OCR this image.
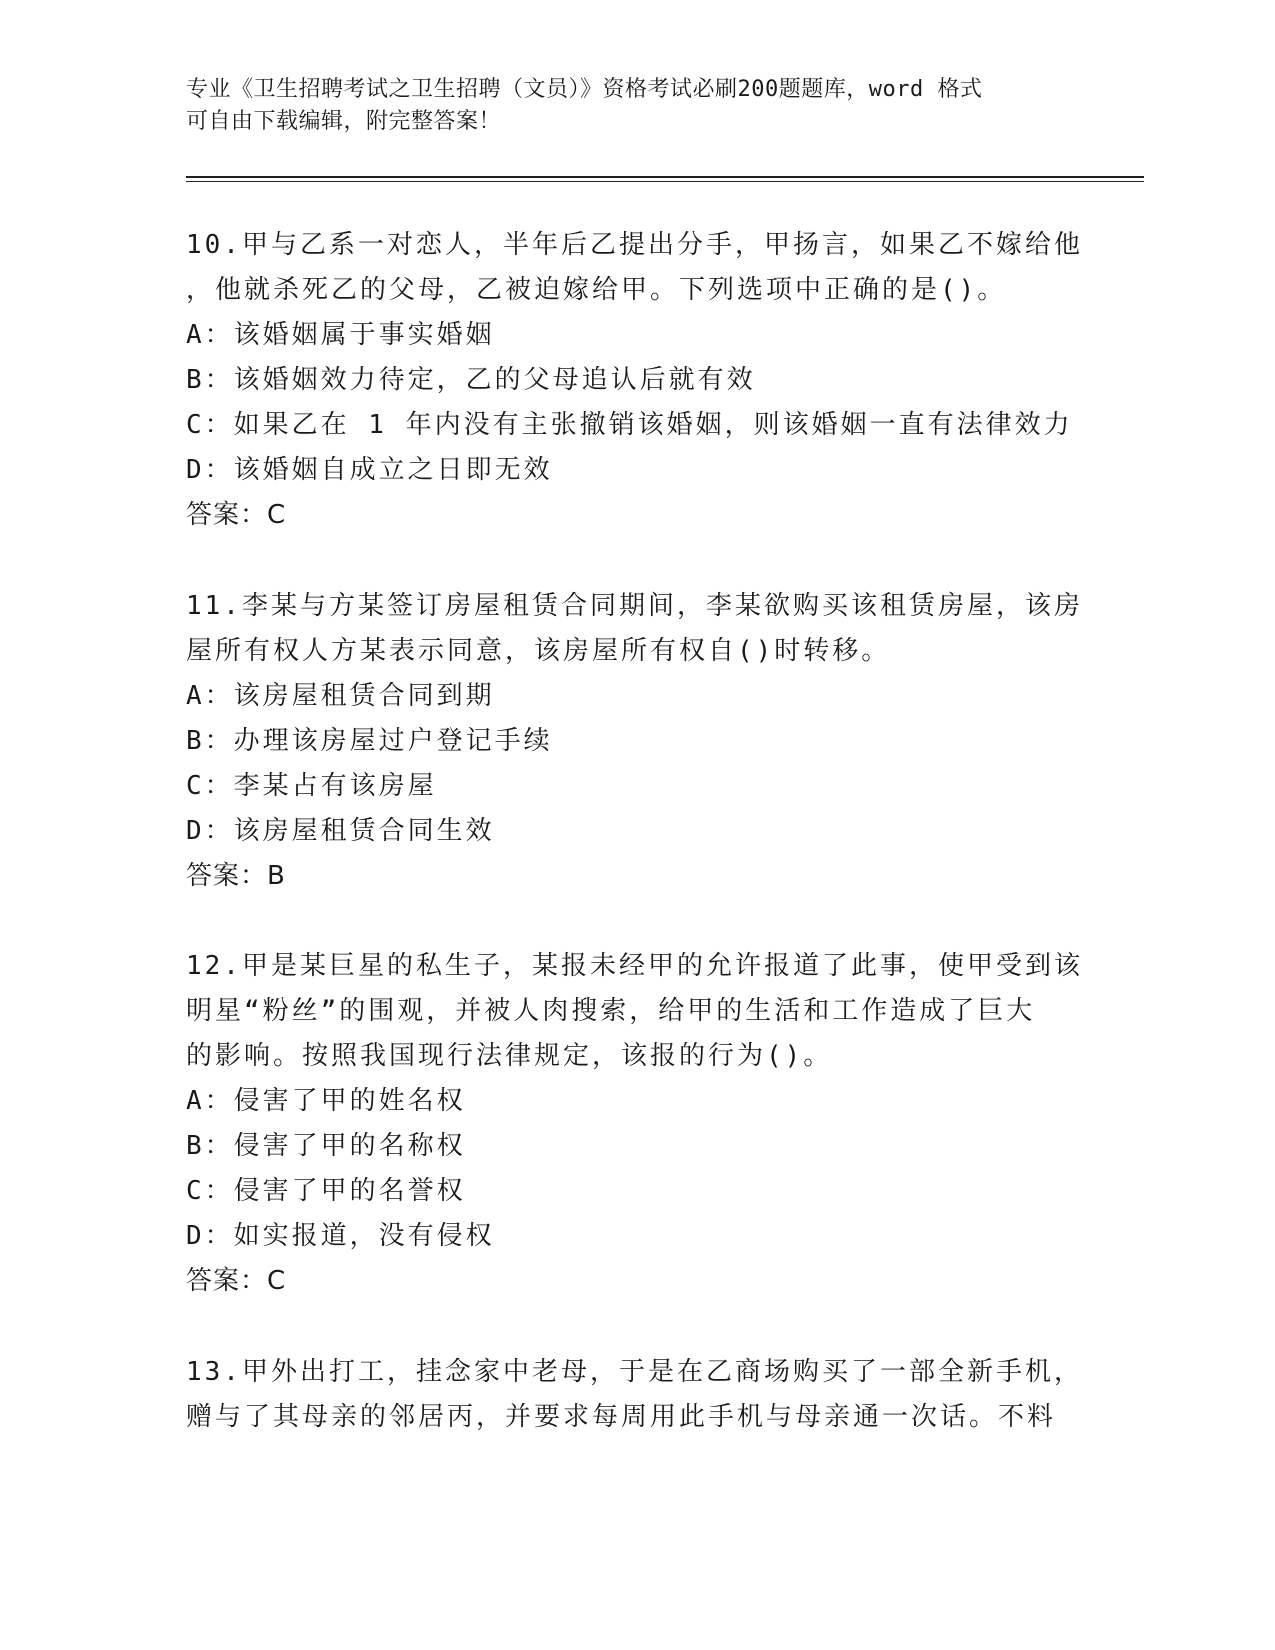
专业《卫生招聘考试之卫生招聘（文员）》资格考试必刷200题题库，word 格式
可自由下载编辑，附完整答案！
10.甲与乙系一对恋人，半年后乙提出分手，甲扬言，如果乙不嫁给他
，他就杀死乙的父母，乙被迫嫁给甲。下列选项中正确的是()。
A：该婚姻属于事实婚姻
B：该婚姻效力待定，乙的父母追认后就有效
C：如果乙在 1 年内没有主张撤销该婚姻，则该婚姻一直有法律效力
D：该婚姻自成立之日即无效
答案：C
11.李某与方某签订房屋租赁合同期间，李某欲购买该租赁房屋，该房
屋所有权人方某表示同意，该房屋所有权自()时转移。
A：该房屋租赁合同到期
B：办理该房屋过户登记手续
C：李某占有该房屋
D：该房屋租赁合同生效
答案：B
12.甲是某巨星的私生子，某报未经甲的允许报道了此事，使甲受到该
明星“粉丝”的围观，并被人肉搜索，给甲的生活和工作造成了巨大
的影响。按照我国现行法律规定，该报的行为()。
A：侵害了甲的姓名权
B：侵害了甲的名称权
C：侵害了甲的名誉权
D：如实报道，没有侵权
答案：C
13.甲外出打工，挂念家中老母，于是在乙商场购买了一部全新手机，
赠与了其母亲的邻居丙，并要求每周用此手机与母亲通一次话。不料
